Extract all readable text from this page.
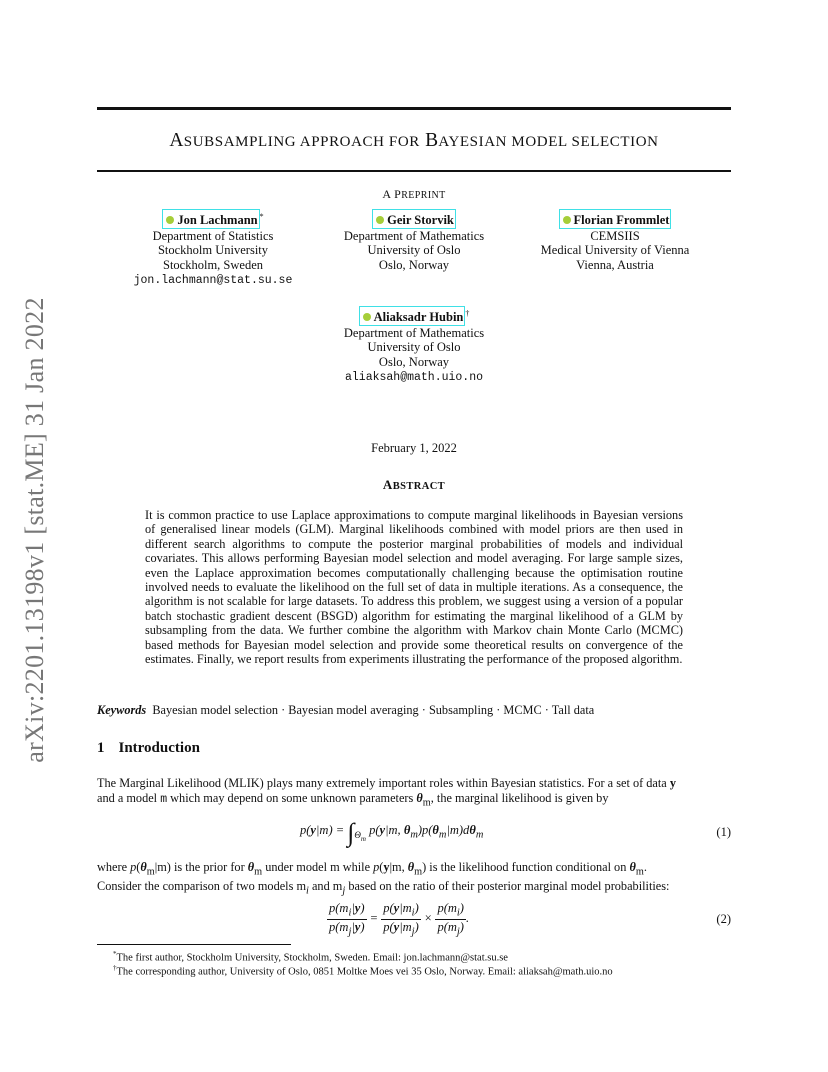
arXiv:2201.13198v1 [stat.ME] 31 Jan 2022
ASUBSAMPLING APPROACH FOR BAYESIAN MODEL SELECTION
A PREPRINT
Jon Lachmann *
Department of Statistics
Stockholm University
Stockholm, Sweden
jon.lachmann@stat.su.se
Geir Storvik
Department of Mathematics
University of Oslo
Oslo, Norway
Florian Frommlet
CEMSIIS
Medical University of Vienna
Vienna, Austria
Aliaksadr Hubin †
Department of Mathematics
University of Oslo
Oslo, Norway
aliaksah@math.uio.no
February 1, 2022
ABSTRACT
It is common practice to use Laplace approximations to compute marginal likelihoods in Bayesian versions of generalised linear models (GLM). Marginal likelihoods combined with model priors are then used in different search algorithms to compute the posterior marginal probabilities of models and individual covariates. This allows performing Bayesian model selection and model averaging. For large sample sizes, even the Laplace approximation becomes computationally challenging because the optimisation routine involved needs to evaluate the likelihood on the full set of data in multiple iterations. As a consequence, the algorithm is not scalable for large datasets. To address this problem, we suggest using a version of a popular batch stochastic gradient descent (BSGD) algorithm for estimating the marginal likelihood of a GLM by subsampling from the data. We further combine the algorithm with Markov chain Monte Carlo (MCMC) based methods for Bayesian model selection and provide some theoretical results on convergence of the estimates. Finally, we report results from experiments illustrating the performance of the proposed algorithm.
Keywords Bayesian model selection · Bayesian model averaging · Subsampling · MCMC · Tall data
1 Introduction
The Marginal Likelihood (MLIK) plays many extremely important roles within Bayesian statistics. For a set of data y
and a model m which may depend on some unknown parameters $\theta_m$, the marginal likelihood is given by
$p(y|m) = \int_{\Theta_m}$ p(y|m, $\theta_m)p(\theta_m|m)d\theta_m$	(1)
where $p(\theta_m|m)$ is the prior for $\theta_m$ under model m while p(y|m, $\theta_m$) is the likelihood function conditional on $\theta_m$.
Consider the comparison of two models $m_i$ and $m_j$ based on the ratio of their posterior marginal model probabilities:
$\frac{p(m_i|y)}{p(m_j|y)} = \frac{p(y|m_i)}{p(y|m_j)} \times \frac{p(m_i)}{p(m_j)}$ .	(2)
*The first author, Stockholm University, Stockholm, Sweden. Email: jon.lachmann@stat.su.se
†The corresponding author, University of Oslo, 0851 Moltke Moes vei 35 Oslo, Norway. Email: aliaksah@math.uio.no
